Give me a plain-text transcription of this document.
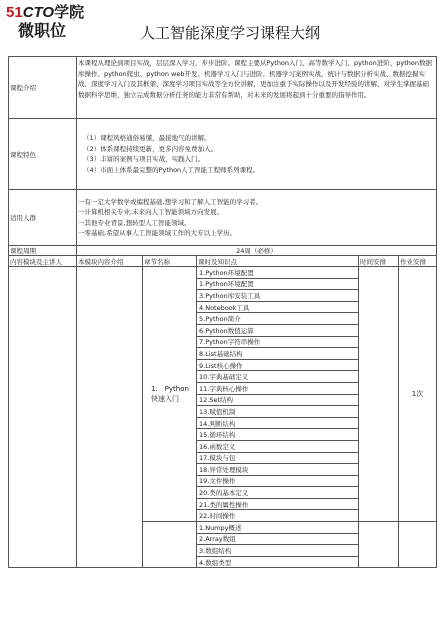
51CTO学院
微职位	人工智能深度学习课程大纲
课程介绍	本课程从理论到项目实战，层层深入学习，步步进阶。课程主要从Python入门、高等数学入门、python进阶、python数据库操作、python爬虫、python web开发、机器学习入门与进阶、机器学习案例实战、统计与数据分析实战、数据挖掘实战、深度学习入门及其框架、深度学习项目实战等全方位讲解，更加注重于实际操作以及开发经验的讲解，对学生掌握基础数据科学思维，独立完成数据分析任务的能力非常有帮助，对未来的发展将起到十分重要的指导作用。				
课程特色	（1）课程风格通俗易懂，最接地气的讲解。
（2）体系课程持续更新，更多内容免费加入。
（3）丰富的案例与项目实战，实践入门。
（4）市面上体系最完整的Python人工智能工程师系列课程。				

适用人群	一有一定大学数学或编程基础,想学习和了解人工智能的学习者。
一计算机相关专业,未来向人工智能领域方向发展。
一其他专业背景,想转型人工智能领域。
一零基础,希望从事人工智能领域工作的大专以上学历。				

课程周期	24周（必修）				
内容模块及主讲人	本模块内容介绍	章节名称	课时及知识点	时间安排	作业安排
		1.　Python快速入门	1.Python环境配置		1次
			1.Python环境配置		
			3.Python库安装工具		
			4.Notebook工具		
			5.Python简介		
			6.Python数值运算		
			7.Python字符串操作		
			8.List基础结构		
			9.List核心操作		
			10.字典基础定义		
			11.字典核心操作		
			12.Set结构		
			13.赋值机制		
			14.判断结构		
			15.循环结构		
			16.函数定义		
			17.模块与包		
			18.异常处理模块		
			19.文件操作		
			20.类的基本定义		
			21.类的属性操作		
			22.时间操作		
			1.Numpy概述		
			2.Array数组		
			3.数组结构		
			4.数组类型		
